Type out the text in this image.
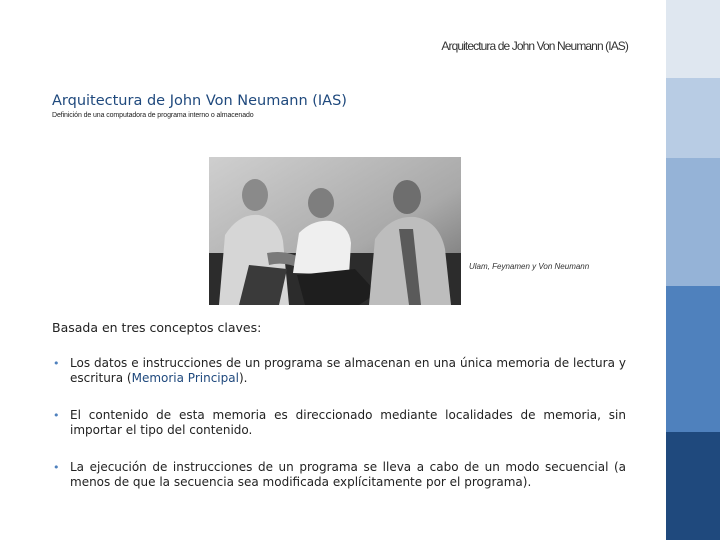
Arquitectura de John Von Neumann (IAS)
Arquitectura de John Von Neumann (IAS)
Definición de una computadora de programa interno o almacenado
Ulam, Feynamen y Von Neumann
Basada en tres conceptos claves:
• Los datos e instrucciones de un programa se almacenan en una única memoria de lectura y escritura (Memoria Principal).
• El contenido de esta memoria es direccionado mediante localidades de memoria, sin importar el tipo del contenido.
• La ejecución de instrucciones de un programa se lleva a cabo de un modo secuencial (a menos de que la secuencia sea modificada explícitamente por el programa).
